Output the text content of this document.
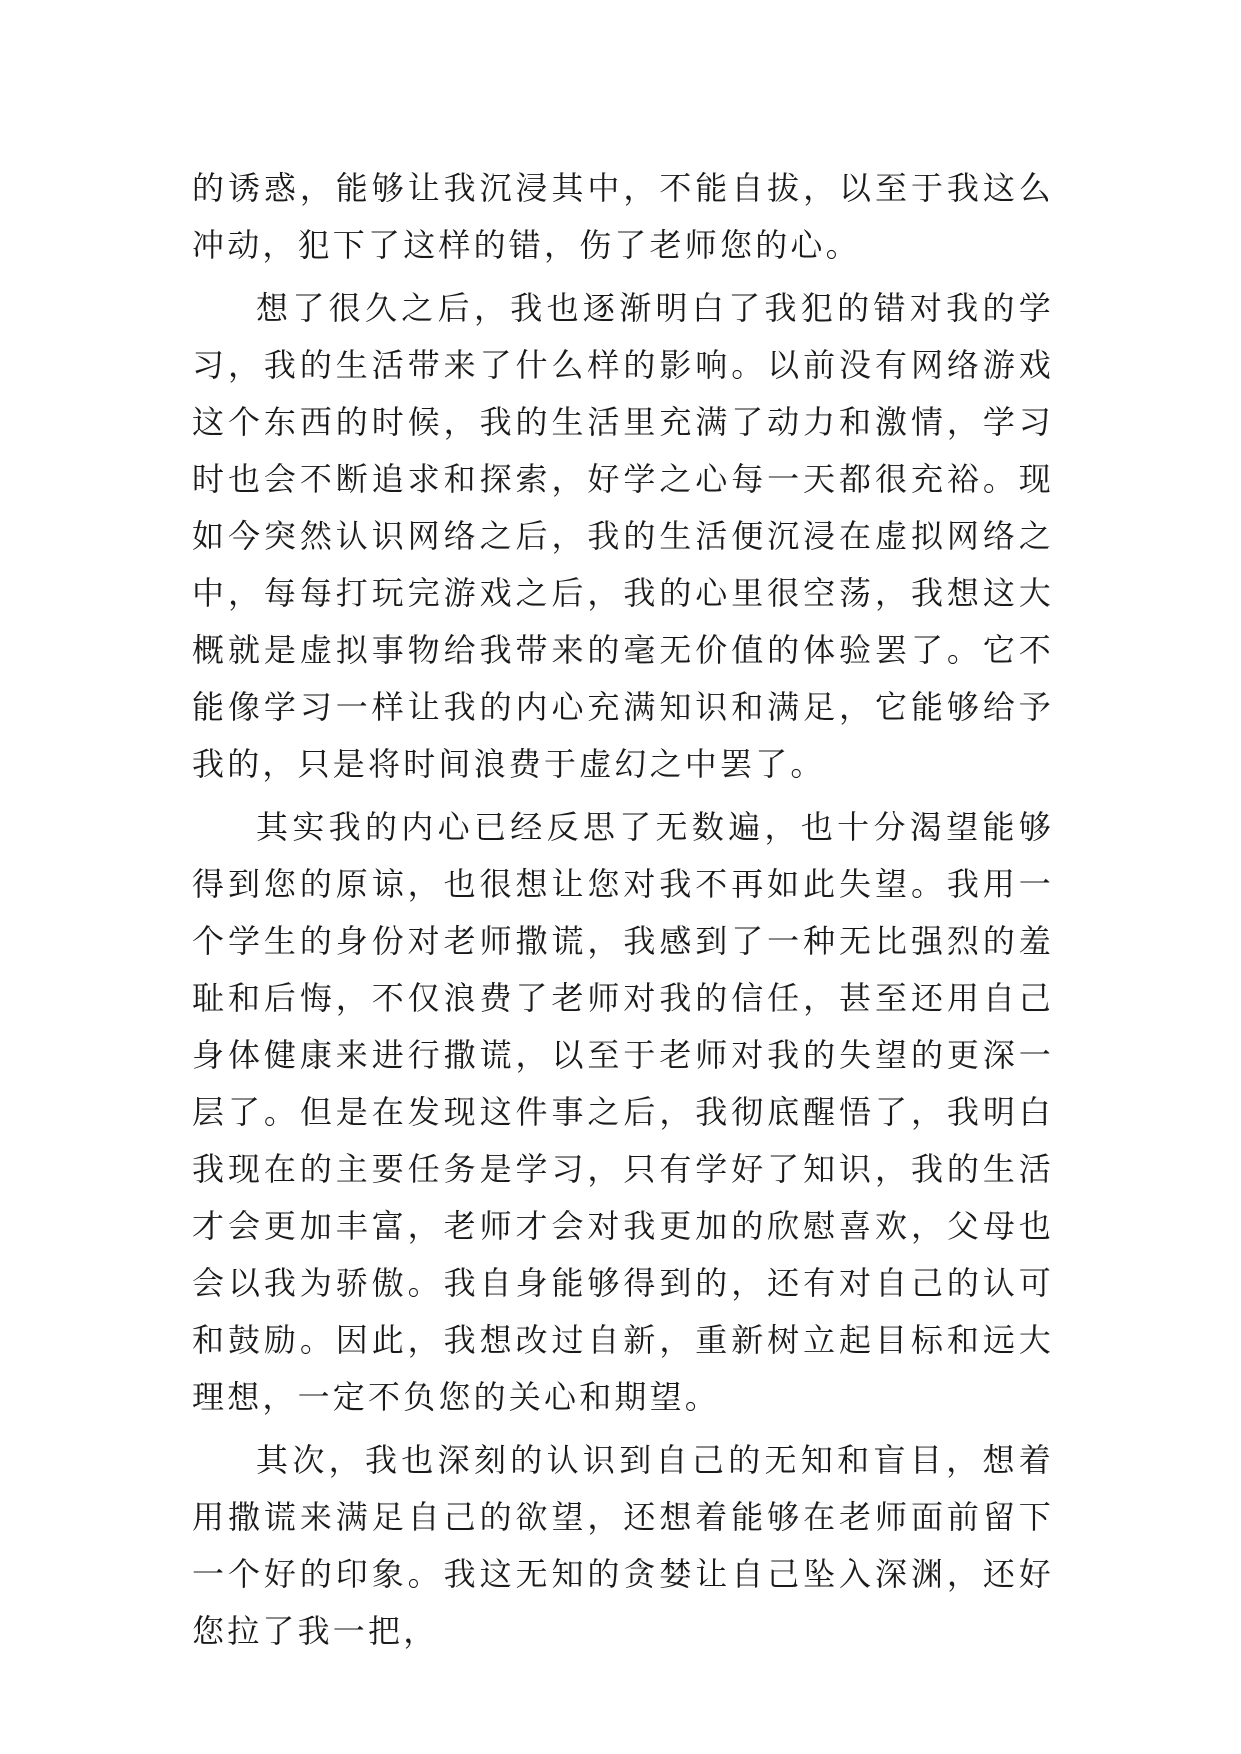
的诱惑，能够让我沉浸其中，不能自拔，以至于我这么冲动，犯下了这样的错，伤了老师您的心。

想了很久之后，我也逐渐明白了我犯的错对我的学习，我的生活带来了什么样的影响。以前没有网络游戏这个东西的时候，我的生活里充满了动力和激情，学习时也会不断追求和探索，好学之心每一天都很充裕。现如今突然认识网络之后，我的生活便沉浸在虚拟网络之中，每每打玩完游戏之后，我的心里很空荡，我想这大概就是虚拟事物给我带来的毫无价值的体验罢了。它不能像学习一样让我的内心充满知识和满足，它能够给予我的，只是将时间浪费于虚幻之中罢了。

其实我的内心已经反思了无数遍，也十分渴望能够得到您的原谅，也很想让您对我不再如此失望。我用一个学生的身份对老师撒谎，我感到了一种无比强烈的羞耻和后悔，不仅浪费了老师对我的信任，甚至还用自己身体健康来进行撒谎，以至于老师对我的失望的更深一层了。但是在发现这件事之后，我彻底醒悟了，我明白我现在的主要任务是学习，只有学好了知识，我的生活才会更加丰富，老师才会对我更加的欣慰喜欢，父母也会以我为骄傲。我自身能够得到的，还有对自己的认可和鼓励。因此，我想改过自新，重新树立起目标和远大理想，一定不负您的关心和期望。

其次，我也深刻的认识到自己的无知和盲目，想着用撒谎来满足自己的欲望，还想着能够在老师面前留下一个好的印象。我这无知的贪婪让自己坠入深渊，还好您拉了我一把，
